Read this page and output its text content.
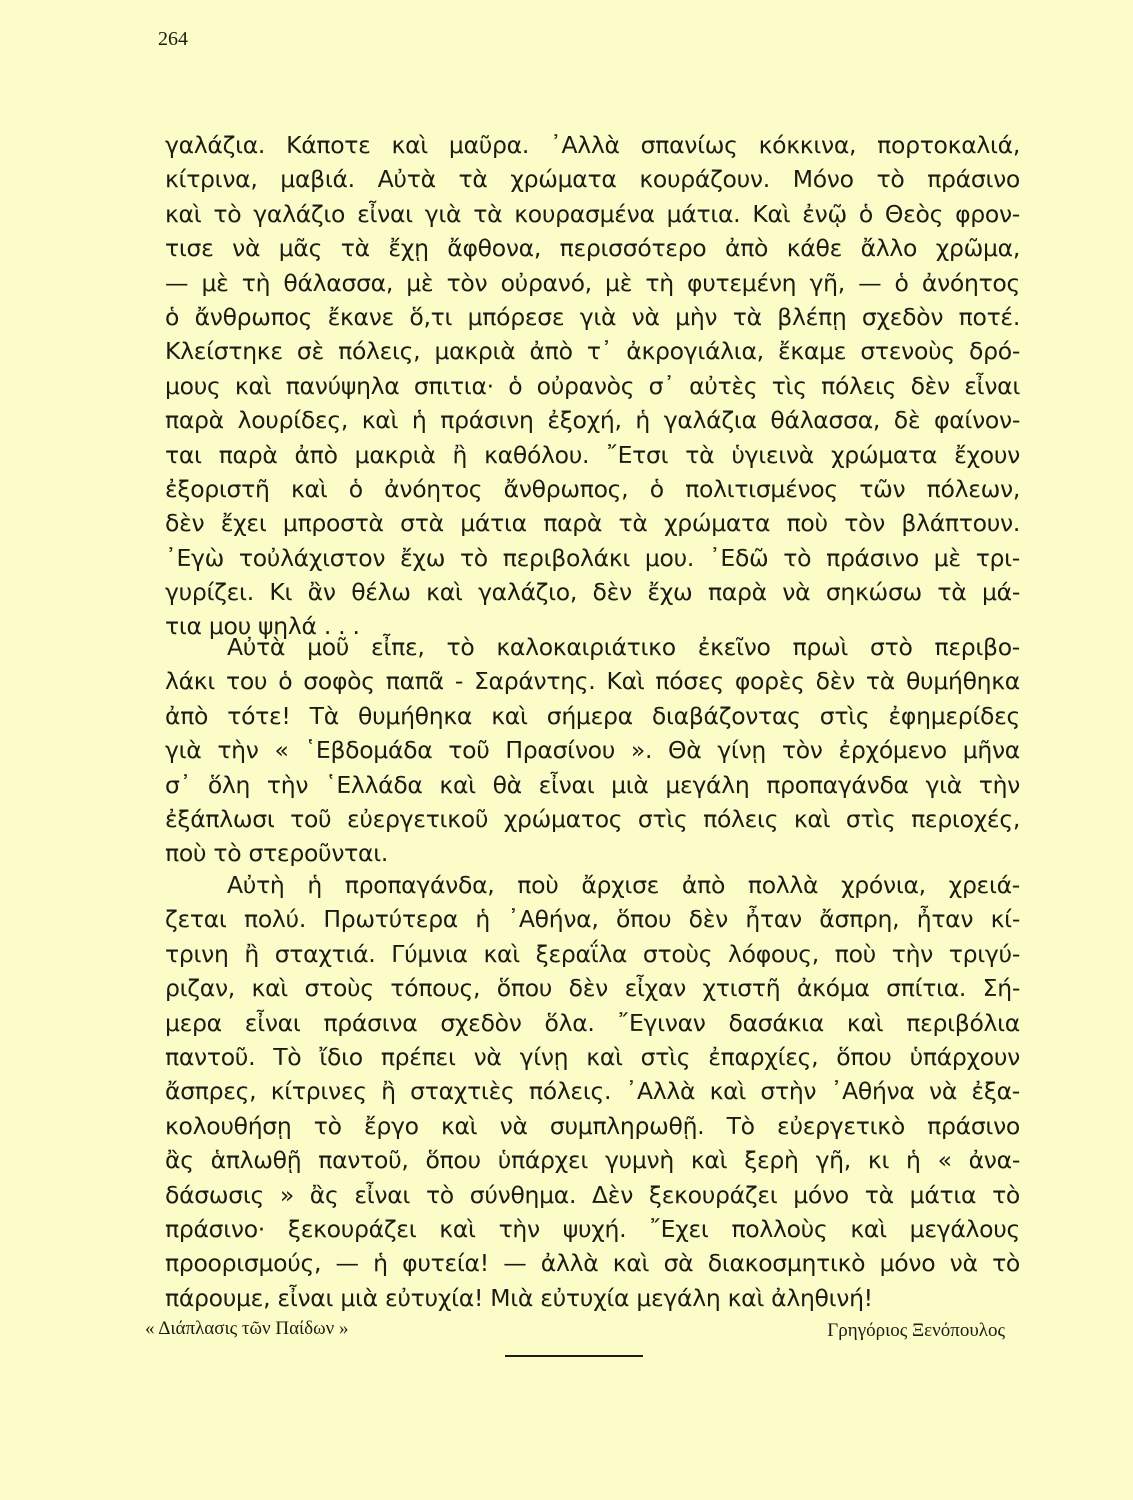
264
γαλάζια. Κάποτε καὶ μαῦρα. ᾿Αλλὰ σπανίως κόκκινα, πορτοκαλιά,
κίτρινα, μαβιά. Αὐτὰ τὰ χρώματα κουράζουν. Μόνο τὸ πράσινο
καὶ τὸ γαλάζιο εἶναι γιὰ τὰ κουρασμένα μάτια. Καὶ ἐνῷ ὁ Θεὸς φρον-
τισε νὰ μᾶς τὰ ἔχῃ ἄφθονα, περισσότερο ἀπὸ κάθε ἄλλο χρῶμα,
— μὲ τὴ θάλασσα, μὲ τὸν οὐρανό, μὲ τὴ φυτεμένη γῆ, — ὁ ἀνόητος
ὁ ἄνθρωπος ἔκανε ὅ,τι μπόρεσε γιὰ νὰ μὴν τὰ βλέπῃ σχεδὸν ποτέ.
Κλείστηκε σὲ πόλεις, μακριὰ ἀπὸ τ᾿ ἀκρογιάλια, ἔκαμε στενοὺς δρό-
μους καὶ πανύψηλα σπιτια· ὁ οὐρανὸς σ᾿ αὐτὲς τὶς πόλεις δὲν εἶναι
παρὰ λουρίδες, καὶ ἡ πράσινη ἐξοχή, ἡ γαλάζια θάλασσα, δὲ φαίνον-
ται παρὰ ἀπὸ μακριὰ ἢ καθόλου. ῎Ετσι τὰ ὑγιεινὰ χρώματα ἔχουν
ἐξοριστῆ καὶ ὁ ἀνόητος ἄνθρωπος, ὁ πολιτισμένος τῶν πόλεων,
δὲν ἔχει μπροστὰ στὰ μάτια παρὰ τὰ χρώματα ποὺ τὸν βλάπτουν.
᾿Εγὼ τοὐλάχιστον ἔχω τὸ περιβολάκι μου. ᾿Εδῶ τὸ πράσινο μὲ τρι-
γυρίζει. Κι ἂν θέλω καὶ γαλάζιο, δὲν ἔχω παρὰ νὰ σηκώσω τὰ μά-
τια μου ψηλά . . .
Αὐτὰ μοῦ εἶπε, τὸ καλοκαιριάτικο ἐκεῖνο πρωὶ στὸ περιβο-
λάκι του ὁ σοφὸς παπᾶ - Σαράντης. Καὶ πόσες φορὲς δὲν τὰ θυμήθηκα
ἀπὸ τότε! Τὰ θυμήθηκα καὶ σήμερα διαβάζοντας στὶς ἐφημερίδες
γιὰ τὴν « ῾Εβδομάδα τοῦ Πρασίνου ». Θὰ γίνῃ τὸν ἐρχόμενο μῆνα
σ᾿ ὅλη τὴν ῾Ελλάδα καὶ θὰ εἶναι μιὰ μεγάλη προπαγάνδα γιὰ τὴν
ἐξάπλωσι τοῦ εὐεργετικοῦ χρώματος στὶς πόλεις καὶ στὶς περιοχές,
ποὺ τὸ στεροῦνται.
Αὐτὴ ἡ προπαγάνδα, ποὺ ἄρχισε ἀπὸ πολλὰ χρόνια, χρειά-
ζεται πολύ. Πρωτύτερα ἡ ᾿Αθήνα, ὅπου δὲν ἦταν ἄσπρη, ἦταν κί-
τρινη ἢ σταχτιά. Γύμνια καὶ ξεραΐλα στοὺς λόφους, ποὺ τὴν τριγύ-
ριζαν, καὶ στοὺς τόπους, ὅπου δὲν εἶχαν χτιστῆ ἀκόμα σπίτια. Σή-
μερα εἶναι πράσινα σχεδὸν ὅλα. ῎Εγιναν δασάκια καὶ περιβόλια
παντοῦ. Τὸ ἴδιο πρέπει νὰ γίνῃ καὶ στὶς ἐπαρχίες, ὅπου ὑπάρχουν
ἄσπρες, κίτρινες ἢ σταχτιὲς πόλεις. ᾿Αλλὰ καὶ στὴν ᾿Αθήνα νὰ ἐξα-
κολουθήσῃ τὸ ἔργο καὶ νὰ συμπληρωθῇ. Τὸ εὐεργετικὸ πράσινο
ἂς ἁπλωθῇ παντοῦ, ὅπου ὑπάρχει γυμνὴ καὶ ξερὴ γῆ, κι ἡ « ἀνα-
δάσωσις » ἂς εἶναι τὸ σύνθημα. Δὲν ξεκουράζει μόνο τὰ μάτια τὸ
πράσινο· ξεκουράζει καὶ τὴν ψυχή. ῎Εχει πολλοὺς καὶ μεγάλους
προορισμούς, — ἡ φυτεία! — ἀλλὰ καὶ σὰ διακοσμητικὸ μόνο νὰ τὸ
πάρουμε, εἶναι μιὰ εὐτυχία! Μιὰ εὐτυχία μεγάλη καὶ ἀληθινή!
« Διάπλασις τῶν Παίδων »	Γρηγόριος Ξενόπουλος
